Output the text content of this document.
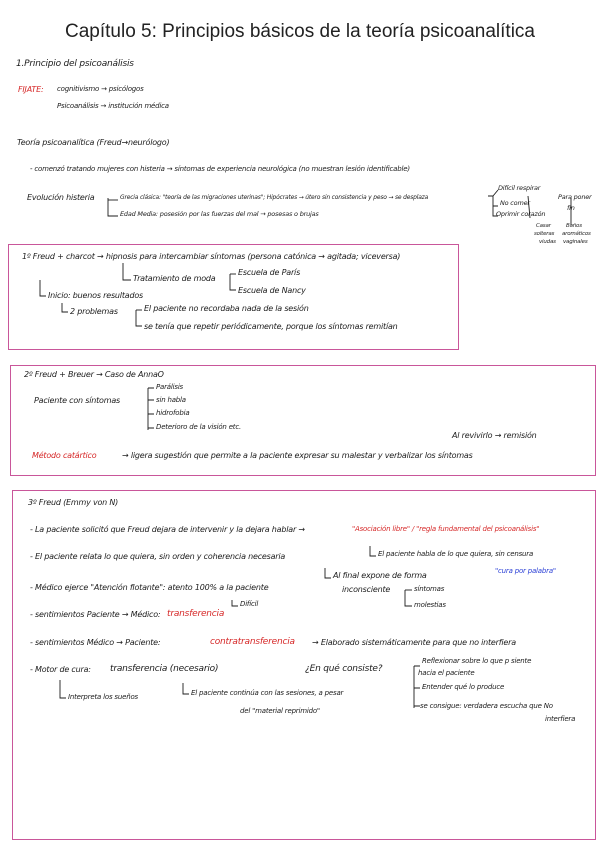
Capítulo 5: Principios básicos de la teoría psicoanalítica
1.Principio del psicoanálisis
FIJATE: cognitivismo → psicólogos
Psicoanálisis → institución médica
Teoría psicoanalítica (Freud→neurólogo)
- comenzó tratando mujeres con histeria → síntomas de experiencia neurológica (no muestran lesión identificable)
Evolución histeria	Grecia clásica: "teoría de las migraciones uterinas"; Hipócrates → útero sin consistencia y peso → se desplaza
Edad Media: posesión por las fuerzas del mal → posesas o brujas
Difícil respirar
No comer
Oprimir corazón
Para poner
fin
Casar
solteras
viudas
Baños
aromáticos
vaginales
1º Freud + charcot → hipnosis para intercambiar síntomas (persona catónica → agitada; viceversa)
Tratamiento de moda
Escuela de París
Escuela de Nancy
Inicio: buenos resultados
2 problemas	El paciente no recordaba nada de la sesión
se tenía que repetir periódicamente, porque los síntomas remitían
2º Freud + Breuer → Caso de AnnaO
Paciente con síntomas
Parálisis
sin habla
hidrofobia
Deterioro de la visión etc.
Al revivirlo → remisión
Método catártico	→ ligera sugestión que permite a la paciente expresar su malestar y verbalizar los síntomas
3º Freud (Emmy von N)
- La paciente solicitó que Freud dejara de intervenir y la dejara hablar →	"Asociación libre" / "regla fundamental del psicoanálisis"
- El paciente relata lo que quiera, sin orden y coherencia necesaria	El paciente habla de lo que quiera, sin censura
"cura por palabra"
Al final expone de forma
- Médico ejerce "Atención flotante": atento 100% a la paciente	inconsciente	síntomas
molestias
Difícil
- sentimientos Paciente → Médico: transferencia
- sentimientos Médico → Paciente:	contratransferencia → Elaborado sistemáticamente para que no interfiera
- Motor de cura: transferencia (necesario)	¿En qué consiste?
Reflexionar sobre lo que p siente
hacia el paciente
Entender qué lo produce
se consigue: verdadera escucha que No
interfiera
Interpreta los sueños	El paciente continúa con las sesiones, a pesar
del "material reprimido"
